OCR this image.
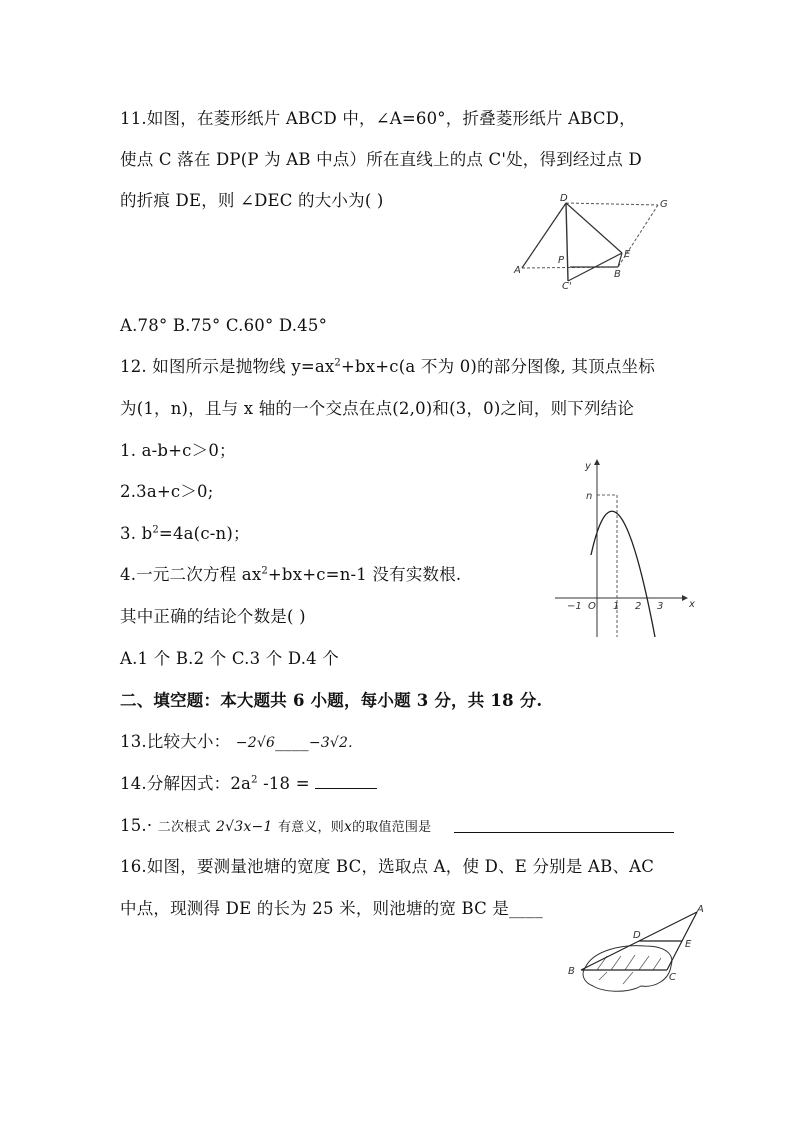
11.如图，在菱形纸片 ABCD 中，∠A=60°，折叠菱形纸片 ABCD，
使点 C 落在 DP(P 为 AB 中点）所在直线上的点 C'处，得到经过点 D
的折痕 DE，则 ∠DEC 的大小为( )	D
G
A
P
E
B
C'
A.78° B.75° C.60° D.45°
12. 如图所示是抛物线 $y=ax^2+bx+c(a$ 不为 0)的部分图像, 其顶点坐标
为(1，n)，且与 x 轴的一个交点在点(2,0)和(3，0)之间，则下列结论
1. a-b+c＞0；
2.3a+c＞0;
3. $b^2=4a(c-n)$；
4.一元二次方程 $ax^2+bx+c=n-1$ 没有实数根.
其中正确的结论个数是( )
A.1 个 B.2 个 C.3 个 D.4 个
y
x
n
−1 O 1 2 3
二、填空题：本大题共 6 小题，每小题 3 分，共 18 分.
13.比较大小： −2√6____−3√2.
14.分解因式：$2a^2$ -18 =
15.· 二次根式 2√3x−1 有意义，则x的取值范围是
16.如图，要测量池塘的宽度 BC，选取点 A，使 D、E 分别是 AB、AC
中点，现测得 DE 的长为 25 米，则池塘的宽 BC 是____	A
D
E
B
C
